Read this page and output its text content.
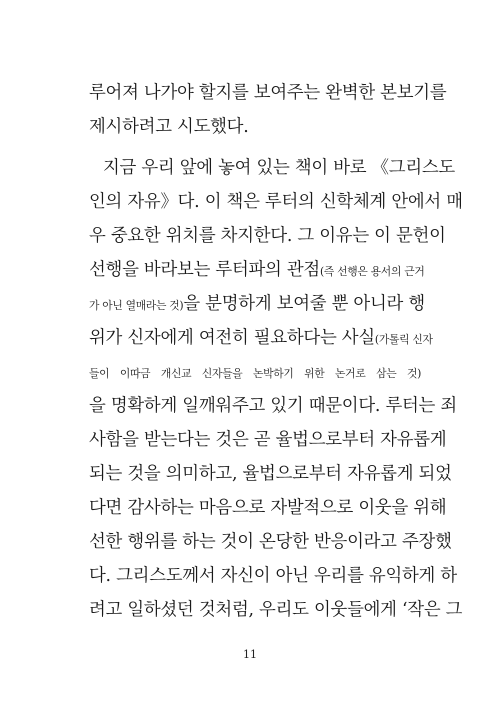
루어져 나가야 할지를 보여주는 완벽한 본보기를
제시하려고 시도했다.
지금 우리 앞에 놓여 있는 책이 바로 《그리스도
인의 자유》다. 이 책은 루터의 신학체계 안에서 매
우 중요한 위치를 차지한다. 그 이유는 이 문헌이
선행을 바라보는 루터파의 관점(즉 선행은 용서의 근거
가 아닌 열매라는 것)을 분명하게 보여줄 뿐 아니라 행
위가 신자에게 여전히 필요하다는 사실(가톨릭 신자
들이 이따금 개신교 신자들을 논박하기 위한 논거로 삼는 것)
을 명확하게 일깨워주고 있기 때문이다. 루터는 죄
사함을 받는다는 것은 곧 율법으로부터 자유롭게
되는 것을 의미하고, 율법으로부터 자유롭게 되었
다면 감사하는 마음으로 자발적으로 이웃을 위해
선한 행위를 하는 것이 온당한 반응이라고 주장했
다. 그리스도께서 자신이 아닌 우리를 유익하게 하
려고 일하셨던 것처럼, 우리도 이웃들에게 ‘작은 그
11
